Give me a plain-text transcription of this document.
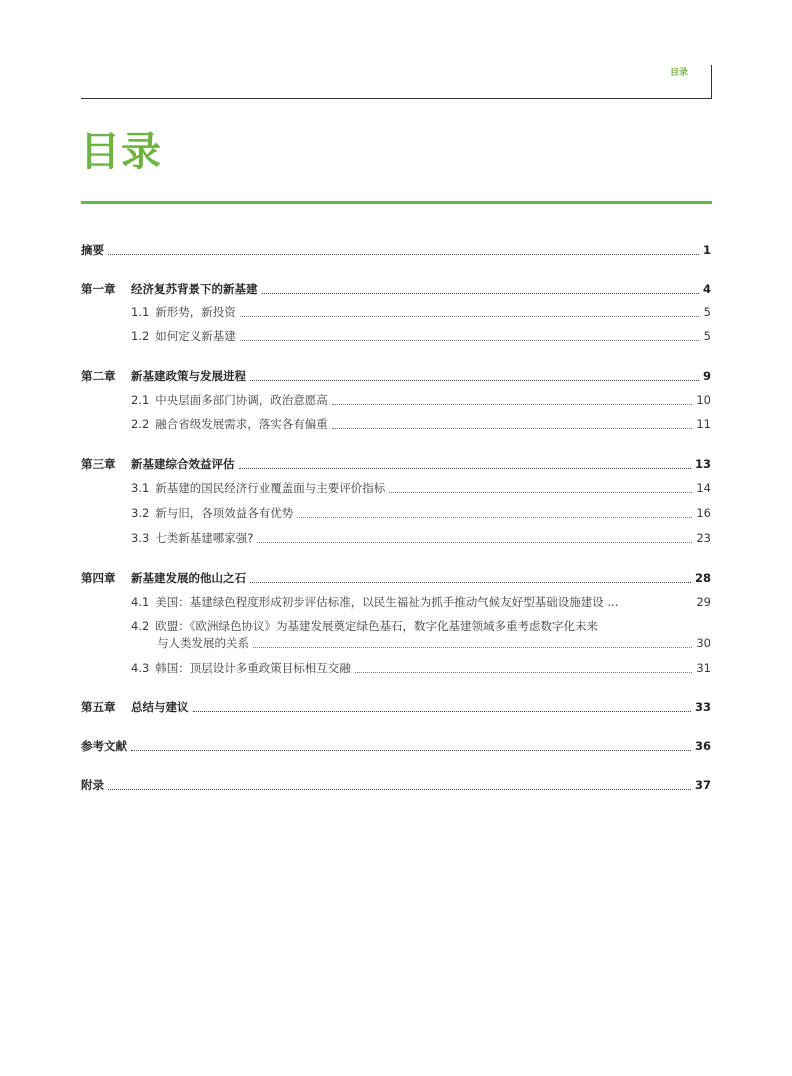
目录
目录
摘要	1
第一章	经济复苏背景下的新基建	4
1.1 新形势，新投资	5
1.2 如何定义新基建	5
第二章	新基建政策与发展进程	9
2.1 中央层面多部门协调，政治意愿高	10
2.2 融合省级发展需求，落实各有偏重	11
第三章	新基建综合效益评估	13
3.1 新基建的国民经济行业覆盖面与主要评价指标	14
3.2 新与旧，各项效益各有优势	16
3.3 七类新基建哪家强?	23
第四章	新基建发展的他山之石	28
4.1 美国：基建绿色程度形成初步评估标准，以民生福祉为抓手推动气候友好型基础设施建设 ...	29
4.2 欧盟：《欧洲绿色协议》为基建发展奠定绿色基石，数字化基建领域多重考虑数字化未来
与人类发展的关系	30
4.3 韩国：顶层设计多重政策目标相互交融	31
第五章	总结与建议	33
参考文献	36
附录	37
